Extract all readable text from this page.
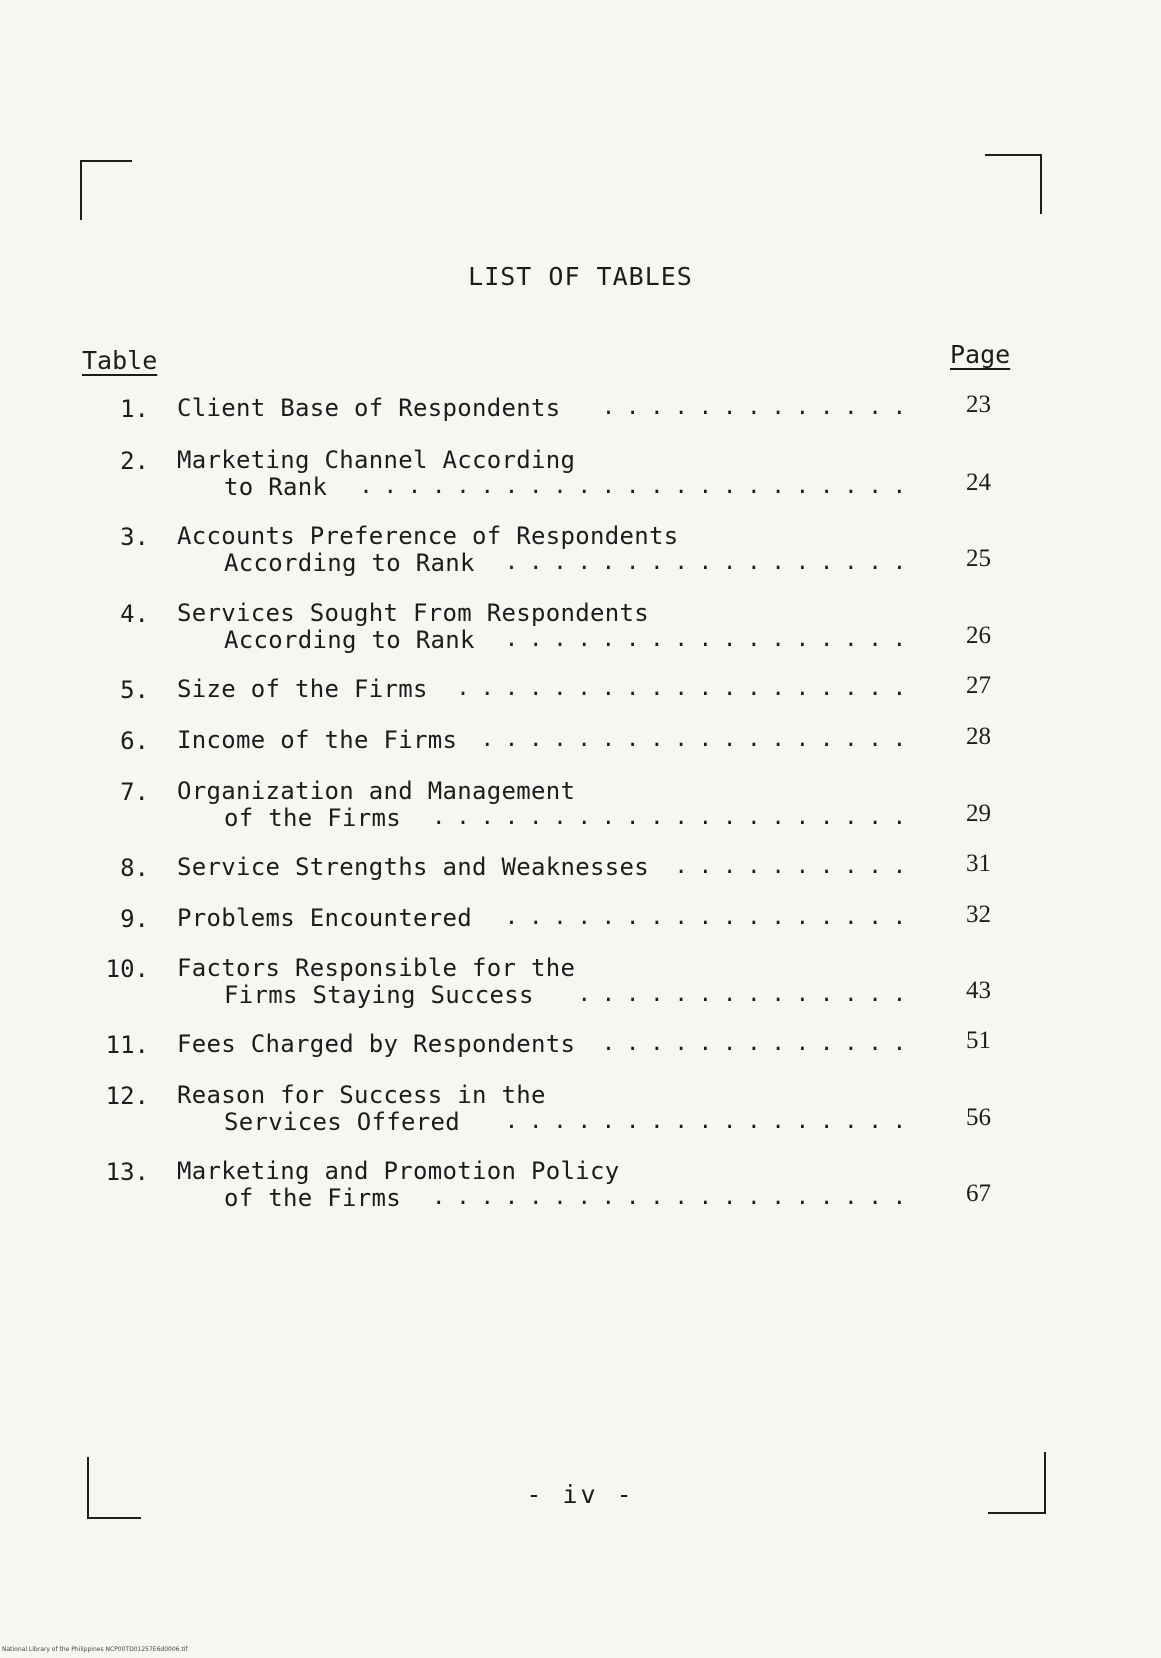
LIST OF TABLES
Table	Page
1. Client Base of Respondents	............. 23
2. Marketing Channel According
to Rank	....................... 24
3. Accounts Preference of Respondents
According to Rank	................. 25
4. Services Sought From Respondents
According to Rank	................. 26
5. Size of the Firms	................... 27
6. Income of the Firms	.................. 28
7. Organization and Management
of the Firms	.................... 29
8. Service Strengths and Weaknesses	.......... 31
9. Problems Encountered	................. 32
10. Factors Responsible for the
Firms Staying Success	.............. 43
11. Fees Charged by Respondents	............. 51
12. Reason for Success in the
Services Offered	................. 56
13. Marketing and Promotion Policy
of the Firms	.................... 67
- iv -
National Library of the Philippines NCP00TD01257E6d0006.tif
